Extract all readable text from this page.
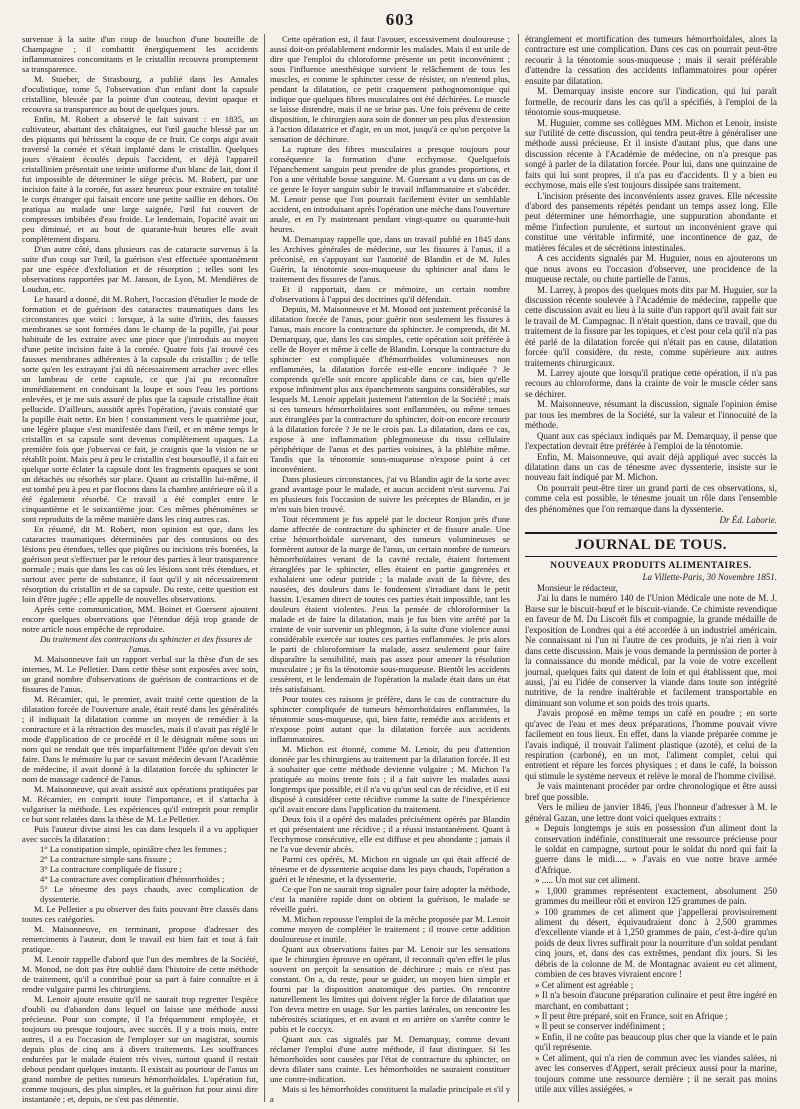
603

survenue à la suite d'un coup de bouchon d'une bouteille de Champagne ; il combattit énergiquement les accidents inflammatoires concomitants et le cristallin recouvra promptement sa transparence.

M. Stoeber, de Strasbourg, a publié dans les Annales d'oculistique, tome 5, l'observation d'un enfant dont la capsule cristalline, blessée par la pointe d'un couteau, devint opaque et recouvra sa transparence au bout de quelques jours.

Enfin, M. Robert a observé le fait suivant : en 1835, un cultivateur, abattant des châtaignes, eut l'œil gauche blessé par un des piquants qui hérissent la coque de ce fruit. Ce corps aigu avait traversé la cornée et s'était implanté dans le cristallin. Quelques jours s'étaient écoulés depuis l'accident, et déjà l'appareil cristallinien présentait une teinte uniforme d'un blanc de lait, dont il fut impossible de déterminer le siège précis. M. Robert, par une incision faite à la cornée, fut assez heureux pour extraire en totalité le corps étranger qui faisait encore une petite saillie en dehors. On pratiqua au malade une large saignée, l'œil fut couvert de compresses imbibées d'eau froide. Le lendemain, l'opacité avait un peu diminué, et au bout de quarante-huit heures elle avait complètement disparu.

D'un autre côté, dans plusieurs cas de cataracte survenus à la suite d'un coup sur l'œil, la guérison s'est effectuée spontanément par une espèce d'exfoliation et de résorption ; telles sont les observations rapportées par M. Janson, de Lyon, M. Mendières de Loudun, etc.

Le hasard a donné, dit M. Robert, l'occasion d'étudier le mode de formation et de guérison des cataractes traumatiques dans les circonstances que voici : lorsque, à la suite d'iritis, des fausses membranes se sont formées dans le champ de la pupille, j'ai pour habitude de les extraire avec une pince que j'introduis au moyen d'une petite incision faite à la cornée. Quatre fois j'ai trouvé ces fausses membranes adhérentes à la capsule du cristallin ; de telle sorte qu'en les extrayant j'ai dû nécessairement arracher avec elles un lambeau de cette capsule, ce que j'ai pu reconnaître immédiatement en conduisant la loupe et sous l'eau les portions enlevées, et je me suis assuré de plus que la capsule cristalline était pellucide. D'ailleurs, aussitôt après l'opération, j'avais constaté que la pupille était nette. En bien ! constamment vers le quatrième jour, une légère plaque s'est manifestée dans l'œil, et en même temps le cristallin et sa capsule sont devenus complètement opaques. La première fois que j'observai ce fait, je craignis que la vision ne se rétablît point. Mais peu à peu le cristallin s'est boursouflé, il a fait en quelque sorte éclater la capsule dont les fragments opaques se sont un détachés ou résorbés sur place. Quant au cristallin lui-même, il est tombé peu à peu et par flocons dans la chambre antérieure où il a été également résorbé. Ce travail a été complet entre le cinquantième et le soixantième jour. Ces mêmes phénomènes se sont reproduits de la même manière dans les cinq autres cas.

En résumé, dit M. Robert, mon opinion est que, dans les cataractes traumatiques déterminées par des contusions ou des lésions peu étendues, telles que piqûres ou incisions très bornées, la guérison peut s'effectuer par le retour des parties à leur transparence normale ; mais que dans les cas où les lésions sont très étendues, et surtout avec perte de substance, il faut qu'il y ait nécessairement résorption du cristallin et de sa capsule. Du reste, cette question est loin d'être jugée ; elle appelle de nouvelles observations.

Après cette communication, MM. Boinet et Guersent ajoutent encore quelques observations que l'étendue déjà trop grande de notre article nous empêche de reproduire.

Du traitement des contractions du sphincter et des fissures de l'anus.

M. Maisonneuve fait un rapport verbal sur la thèse d'un de ses internes, M. Le Pelletier. Dans cette thèse sont exposées avec soin, un grand nombre d'observations de guérison de contractions et de fissures de l'anus.

M. Récamier, qui, le premier, avait traité cette question de la dilatation forcée de l'ouverture anale, était resté dans les généralités ; il indiquait la dilatation comme un moyen de remédier à la contracture et à la rétraction des muscles, mais il n'avait pas réglé le mode d'application de ce procédé et il le désignait même sous un nom qui ne rendait que très imparfaitement l'idée qu'on devait s'en faire. Dans le mémoire lu par ce savant médecin devant l'Académie de médecine, il avait donné à la dilatation forcée du sphincter le nom de massage cadencé de l'anus.

M. Maisonneuve, qui avait assisté aux opérations pratiquées par M. Récamier, en comprit toute l'importance, et il s'attacha à vulgariser la méthode. Les expériences qu'il entreprit pour remplir ce but sont relatées dans la thèse de M. Le Pelletier.

Puis l'auteur divise ainsi les cas dans lesquels il a vu appliquer avec succès la dilatation :

1° La constipation simple, opiniâtre chez les femmes ;

2° La contracture simple sans fissure ;

3° La contracture compliquée de fissure ;

4° La contracture avec complication d'hémorrhoïdes ;

5° Le ténesme des pays chauds, avec complication de dyssenterie.

M. Le Pelletier a pu observer des faits pouvant être classés dans toutes ces catégories.

M. Maisonneuve, en terminant, propose d'adresser des remerciments à l'auteur, dont le travail est bien fait et tout à fait pratique.

M. Lenoir rappelle d'abord que l'un des membres de la Société, M. Monod, ne doit pas être oublié dans l'histoire de cette méthode de traitement, qu'il a contribué pour sa part à faire connaître et à rendre vulgaire parmi les chirurgiens.

M. Lenoir ajoute ensuite qu'il ne saurait trop regretter l'espèce d'oubli ou d'abandon dans lequel on laisse une méthode aussi précieuse. Pour son compte, il l'a fréquemment employée, et toujours ou presque toujours, avec succès. Il y a trois mois, entre autres, il a eu l'occasion de l'employer sur un magistrat, soumis depuis plus de cinq ans à divers traitements. Les souffrances endurées par le malade étaient très vives, surtout quand il restait debout pendant quelques instants. Il existait au pourtour de l'anus un grand nombre de petites tumeurs hémorrhoïdales. L'opération fut, comme toujours, des plus simples, et la guérison fut pour ainsi dire instantanée ; et, depuis, ne s'est pas démentie.

Cette opération est, il faut l'avouer, excessivement douloureuse ; aussi doit-on préalablement endormir les malades. Mais il est utile de dire que l'emploi du chloroforme présente un petit inconvénient ; sous l'influence anesthésique survient le relâchement de tous les muscles, et comme le sphincter cesse de résister, on n'entend plus, pendant la dilatation, ce petit craquement pathognomonique qui indique que quelques fibres musculaires ont été déchirées. Le muscle se laisse distendre, mais il ne se brise pas. Une fois prévenu de cette disposition, le chirurgien aura soin de donner un peu plus d'extension à l'action dilatatrice et d'agir, en un mot, jusqu'à ce qu'on perçoive la sensation de déchirure.

La rupture des fibres musculaires a presque toujours pour conséquence la formation d'une ecchymose. Quelquefois l'épanchement sanguin peut prendre de plus grandes proportions, et l'on a une véritable bosse sanguine. M. Guersant a vu dans un cas de ce genre le foyer sanguin subir le travail inflammatoire et s'abcéder. M. Lenoir pense que l'on pourrait facilement éviter un semblable accident, en introduisant après l'opération une mèche dans l'ouverture anale, et en l'y maintenant pendant vingt-quatre ou quarante-huit heures.

M. Demarquay rappelle que, dans un travail publié en 1845 dans les Archives générales de médecine, sur les fissures à l'anus, il a préconisé, en s'appuyant sur l'autorité de Blandin et de M. Jules Guérin, la ténotomie sous-muqueuse du sphincter anal dans le traitement des fissures de l'anus.

Et il rapportait, dans ce mémoire, un certain nombre d'observations à l'appui des doctrines qu'il défendait.

Depuis, M. Maisonneuve et M. Monod ont justement préconisé la dilatation forcée de l'anus, pour guérir non seulement les fissures à l'anus, mais encore la contracture du sphincter. Je comprends, dit M. Demarquay, que, dans les cas simples, cette opération soit préférée à celle de Boyer et même à celle de Blandin. Lorsque la contracture du sphincter est compliquée d'hémorrhoïdes volumineuses non enflammées, la dilatation forcée est-elle encore indiquée ? Je comprends qu'elle soit encore applicable dans ce cas, bien qu'elle expose infiniment plus aux épanchements sanguins considérables, sur lesquels M. Lenoir appelait justement l'attention de la Société ; mais si ces tumeurs hémorrhoïdaires sont enflammées, ou même tenues aux étranglées par la contracture du sphincter, doit-on encore recourir à la dilatation forcée ? Je ne le crois pas. La dilatation, dans ce cas, expose à une inflammation phlegmoneuse du tissu cellulaire périphérique de l'anus et des parties voisines, à la phlébite même. Tandis que la ténotomie sous-muqueuse n'expose point à cet inconvénient.

Dans plusieurs circonstances, j'ai vu Blandin agir de la sorte avec grand avantage pour le malade, et aucun accident n'est survenu. J'ai en plusieurs fois l'occasion de suivre les préceptes de Blandin, et je m'en suis bien trouvé.

Tout récemment je fus appelé par le docteur Ronjon près d'une dame affectée de contracture du sphincter et de fissure anale. Une crise hémorrhoïdale survenant, des tumeurs volumineuses se formèrent autour de la marge de l'anus, un certain nombre de tumeurs hémorrhoïdaires venant de la cavité rectale, étaient fortement étranglées par le sphincter, elles étaient en partie gangrenées et exhalaient une odeur putride ; la malade avait de la fièvre, des nausées, des douleurs dans le fondement s'irradiant dans le petit bassin. L'examen direct de toutes ces parties était impossible, tant les douleurs étaient violentes. J'eus la pensée de chloroformiser la malade et de faire la dilatation, mais je fus bien vite arrêté par la crainte de voir survenir un phlegmon, à la suite d'une violence aussi considérable exercée sur toutes ces parties enflammées. Je pris alors le parti de chloroformiser la malade, assez seulement pour faire disparaître la sensibilité, mais pas assez pour amener la résolution musculaire ; je fis la ténotomie sous-muqueuse. Bientôt les accidents cessèrent, et le lendemain de l'opération la malade était dans un état très satisfaisant.

Pour toutes ces raisons je préfère, dans le cas de contracture du sphincter compliquée de tumeurs hémorrhoïdaires enflammées, la ténotomie sous-muqueuse, qui, bien faite, remédie aux accidents et n'expose point autant que la dilatation forcée aux accidents inflammatoires.

M. Michon est étonné, comme M. Lenoir, du peu d'attention donnée par les chirurgiens au traitement par la dilatation forcée. Il est à souhaiter que cette méthode devienne vulgaire ; M. Michon l'a pratiquée au moins trente fois ; il a fait suivre les malades aussi longtemps que possible, et il n'a vu qu'un seul cas de récidive, et il est disposé à considérer cette récidive comme la suite de l'inexpérience qu'il avait encore dans l'application du traitement.

Deux fois il a opéré des malades précisément opérés par Blandin et qui présentaient une récidive ; il a réussi instantanément. Quant à l'ecchymose consécutive, elle est diffuse et peu abondante ; jamais il ne l'a vue devenir abcès.

Parmi ces opérés, M. Michon en signale un qui était affecté de ténesme et de dyssenterie acquise dans les pays chauds, l'opération a guéri et le ténesme, et la dyssenterie.

Ce que l'on ne saurait trop signaler pour faire adopter la méthode, c'est la manière rapide dont on obtient la guérison, le malade se réveille guéri.

M. Michon repousse l'emploi de la mèche proposée par M. Lenoir comme moyen de compléter le traitement ; il trouve cette addition douloureuse et inutile.

Quant aux observations faites par M. Lenoir sur les sensations que le chirurgien éprouve en opérant, il reconnaît qu'en effet le plus souvent on perçoit la sensation de déchirure ; mais ce n'est pas constant. On a, du reste, pour se guider, un moyen bien simple et fourni par la disposition anatomique des parties. On rencontre naturellement les limites qui doivent régler la force de dilatation que l'on devra mettre en usage. Sur les parties latérales, on rencontre les tubérosités sciatiques, et en avant et en arrière on s'arrête contre le pubis et le coccyx.

Quant aux cas signalés par M. Demarquay, comme devant réclamer l'emploi d'une autre méthode, il faut distinguer. Si les hémorrhoïdes sont causées par l'état de contracture du sphincter, on devra dilater sans crainte. Les hémorrhoïdes ne sauraient constituer une contre-indication.

Mais si les hémorrhoïdes constituent la maladie principale et s'il y a

étranglement et mortification des tumeurs hémorrhoïdales, alors la contracture est une complication. Dans ces cas on pourrait peut-être recourir à la ténotomie sous-muqueuse ; mais il serait préférable d'attendre la cessation des accidents inflammatoires pour opérer ensuite par dilatation.

M. Demarquay insiste encore sur l'indication, qui lui paraît formelle, de recourir dans les cas qu'il a spécifiés, à l'emploi de la ténotomie sous-muqueuse.

M. Huguier, comme ses collègues MM. Michon et Lenoir, insiste sur l'utilité de cette discussion, qui tendra peut-être à généraliser une méthode aussi précieuse. Et il insiste d'autant plus, que dans une discussion récente à l'Académie de médecine, on n'a presque pas songé à parler de la dilatation forcée. Pour lui, dans une quinzaine de faits qui lui sont propres, il n'a pas eu d'accidents. Il y a bien eu ecchymose, mais elle s'est toujours dissipée sans traitement.

L'incision présente des inconvénients assez graves. Elle nécessite d'abord des pansements répétés pendant un temps assez long. Elle peut déterminer une hémorrhagie, une suppuration abondante et même l'infection purulente, et surtout un inconvénient grave qui constitue une véritable infirmité, une incontinence de gaz, de matières fécales et de sécrétions intestinales.

A ces accidents signalés par M. Huguier, nous en ajouterons un que nous avons eu l'occasion d'observer, une procidence de la muqueuse rectale, ou chute partielle de l'anus.

M. Larrey, à propos des quelques mots dits par M. Huguier, sur la discussion récente soulevée à l'Académie de médecine, rappelle que cette discussion avait eu lieu à la suite d'un rapport qu'il avait fait sur le travail de M. Campagnac. Il n'était question, dans ce travail, que du traitement de la fissure par les topiques, et c'est pour cela qu'il n'a pas été parlé de la dilatation forcée qui n'était pas en cause, dilatation forcée qu'il considère, du reste, comme supérieure aux autres traitements chirurgicaux.

M. Larrey ajoute que lorsqu'il pratique cette opération, il n'a pas recours au chloroforme, dans la crainte de voir le muscle céder sans se déchirer.

M. Maisonneuve, résumant la discussion, signale l'opinion émise par tous les membres de la Société, sur la valeur et l'innocuité de la méthode.

Quant aux cas spéciaux indiqués par M. Demarquay, il pense que l'expectation devrait être préférée à l'emploi de la ténotomie.

Enfin, M. Maisonneuve, qui avait déjà appliqué avec succès la dilatation dans un cas de ténesme avec dyssenterie, insiste sur le nouveau fait indiqué par M. Michon.

On pourrait peut-être tirer un grand parti de ces observations, si, comme cela est possible, le ténesme jouait un rôle dans l'ensemble des phénomènes que l'on remarque dans la dyssenterie.

Dr Éd. Laborie.
JOURNAL DE TOUS.
NOUVEAUX PRODUITS ALIMENTAIRES.
La Villette-Paris, 30 Novembre 1851.

Monsieur le rédacteur,

J'ai lu dans le numéro 140 de l'Union Médicale une note de M. J. Barse sur le biscuit-bœuf et le biscuit-viande. Ce chimiste revendique en faveur de M. Du Liscoët fils et compagnie, la grande médaille de l'exposition de Londres qui a été accordée à un industriel américain. Ne connaissant ni l'un ni l'autre de ces produits, je n'ai rien à voir dans cette discussion. Mais je vous demande la permission de porter à la connaissance du monde médical, par la voie de votre excellent journal, quelques faits qui datent de loin et qui établissent que, moi aussi, j'ai eu l'idée de conserver la viande dans toute son intégrité nutritive, de la rendre inaltérable et facilement transportable en diminuant son volume et son poids des trois quarts.

J'avais proposé en même temps un café en poudre ; en sorte qu'avec de l'eau et mes deux préparations, l'homme pouvait vivre facilement en tous lieux. En effet, dans la viande préparée comme je l'avais indiqué, il trouvait l'aliment plastique (azoté), et celui de la respiration (carboné), en un mot, l'aliment complet, celui qui entretient et répare les forces physiques ; et dans le café, la boisson qui stimule le système nerveux et relève le moral de l'homme civilisé.

Je vais maintenant procéder par ordre chronologique et être aussi bref que possible.

Vers le milieu de janvier 1846, j'eus l'honneur d'adresser à M. le général Gazan, une lettre dont voici quelques extraits :

« Depuis longtemps je suis en possession d'un aliment dont la conservation indéfinie, constituerait une ressource précieuse pour le soldat en campagne, surtout pour le soldat du nord qui fait la guerre dans le midi..... » J'avais en vue notre brave armée d'Afrique.

» ..... Un mot sur cet aliment.

» 1,000 grammes représentent exactement, absolument 250 grammes du meilleur rôti et environ 125 grammes de pain.

» 100 grammes de cet aliment que j'appellerai provisoirement aliment du désert, équivaudraient donc à 2,500 grammes d'excellente viande et à 1,250 grammes de pain, c'est-à-dire qu'un poids de deux livres suffirait pour la nourriture d'un soldat pendant cinq jours, et, dans des cas extrêmes, pendant dix jours. Si les débris de la colonne de M. de Montagnac avaient eu cet aliment, combien de ces braves vivraient encore !

» Cet aliment est agréable ;

» Il n'a besoin d'aucune préparation culinaire et peut être ingéré en marchant, en combattant ;

» Il peut être préparé, soit en France, soit en Afrique ;

» Il peut se conserver indéfiniment ;

» Enfin, il ne coûte pas beaucoup plus cher que la viande et le pain qu'il représente.

» Cet aliment, qui n'a rien de commun avec les viandes salées, ni avec les conserves d'Appert, serait précieux aussi pour la marine, toujours comme une ressource dernière ; il ne serait pas moins utile aux villes assiégées. »
